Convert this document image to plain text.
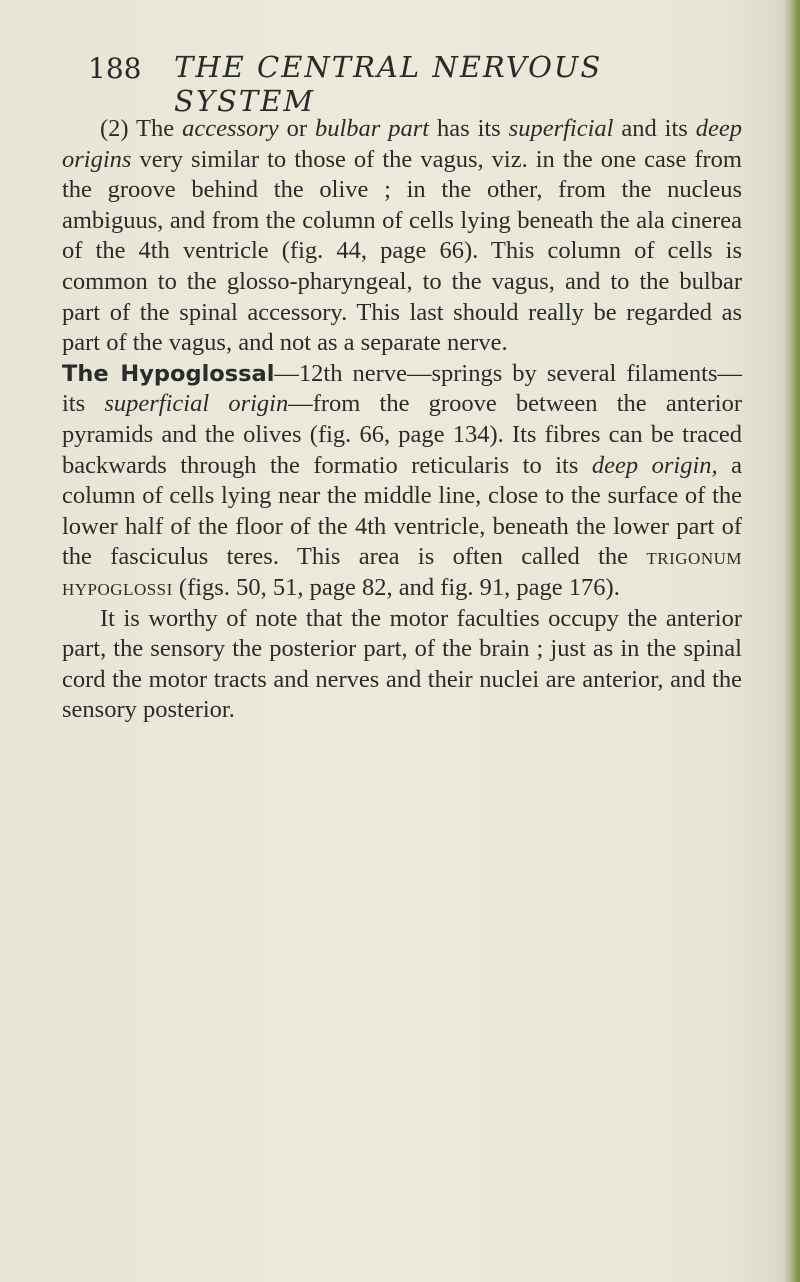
188 THE CENTRAL NERVOUS SYSTEM

(2) The accessory or bulbar part has its superficial and its deep origins very similar to those of the vagus, viz. in the one case from the groove behind the olive ; in the other, from the nucleus ambiguus, and from the column of cells lying beneath the ala cinerea of the 4th ventricle (fig. 44, page 66). This column of cells is common to the glosso-pharyngeal, to the vagus, and to the bulbar part of the spinal accessory. This last should really be regarded as part of the vagus, and not as a separate nerve.

The Hypoglossal—12th nerve—springs by several filaments—its superficial origin—from the groove between the anterior pyramids and the olives (fig. 66, page 134). Its fibres can be traced backwards through the formatio reticularis to its deep origin, a column of cells lying near the middle line, close to the surface of the lower half of the floor of the 4th ventricle, beneath the lower part of the fasciculus teres. This area is often called the trigonum hypoglossi (figs. 50, 51, page 82, and fig. 91, page 176).

It is worthy of note that the motor faculties occupy the anterior part, the sensory the posterior part, of the brain ; just as in the spinal cord the motor tracts and nerves and their nuclei are anterior, and the sensory posterior.
